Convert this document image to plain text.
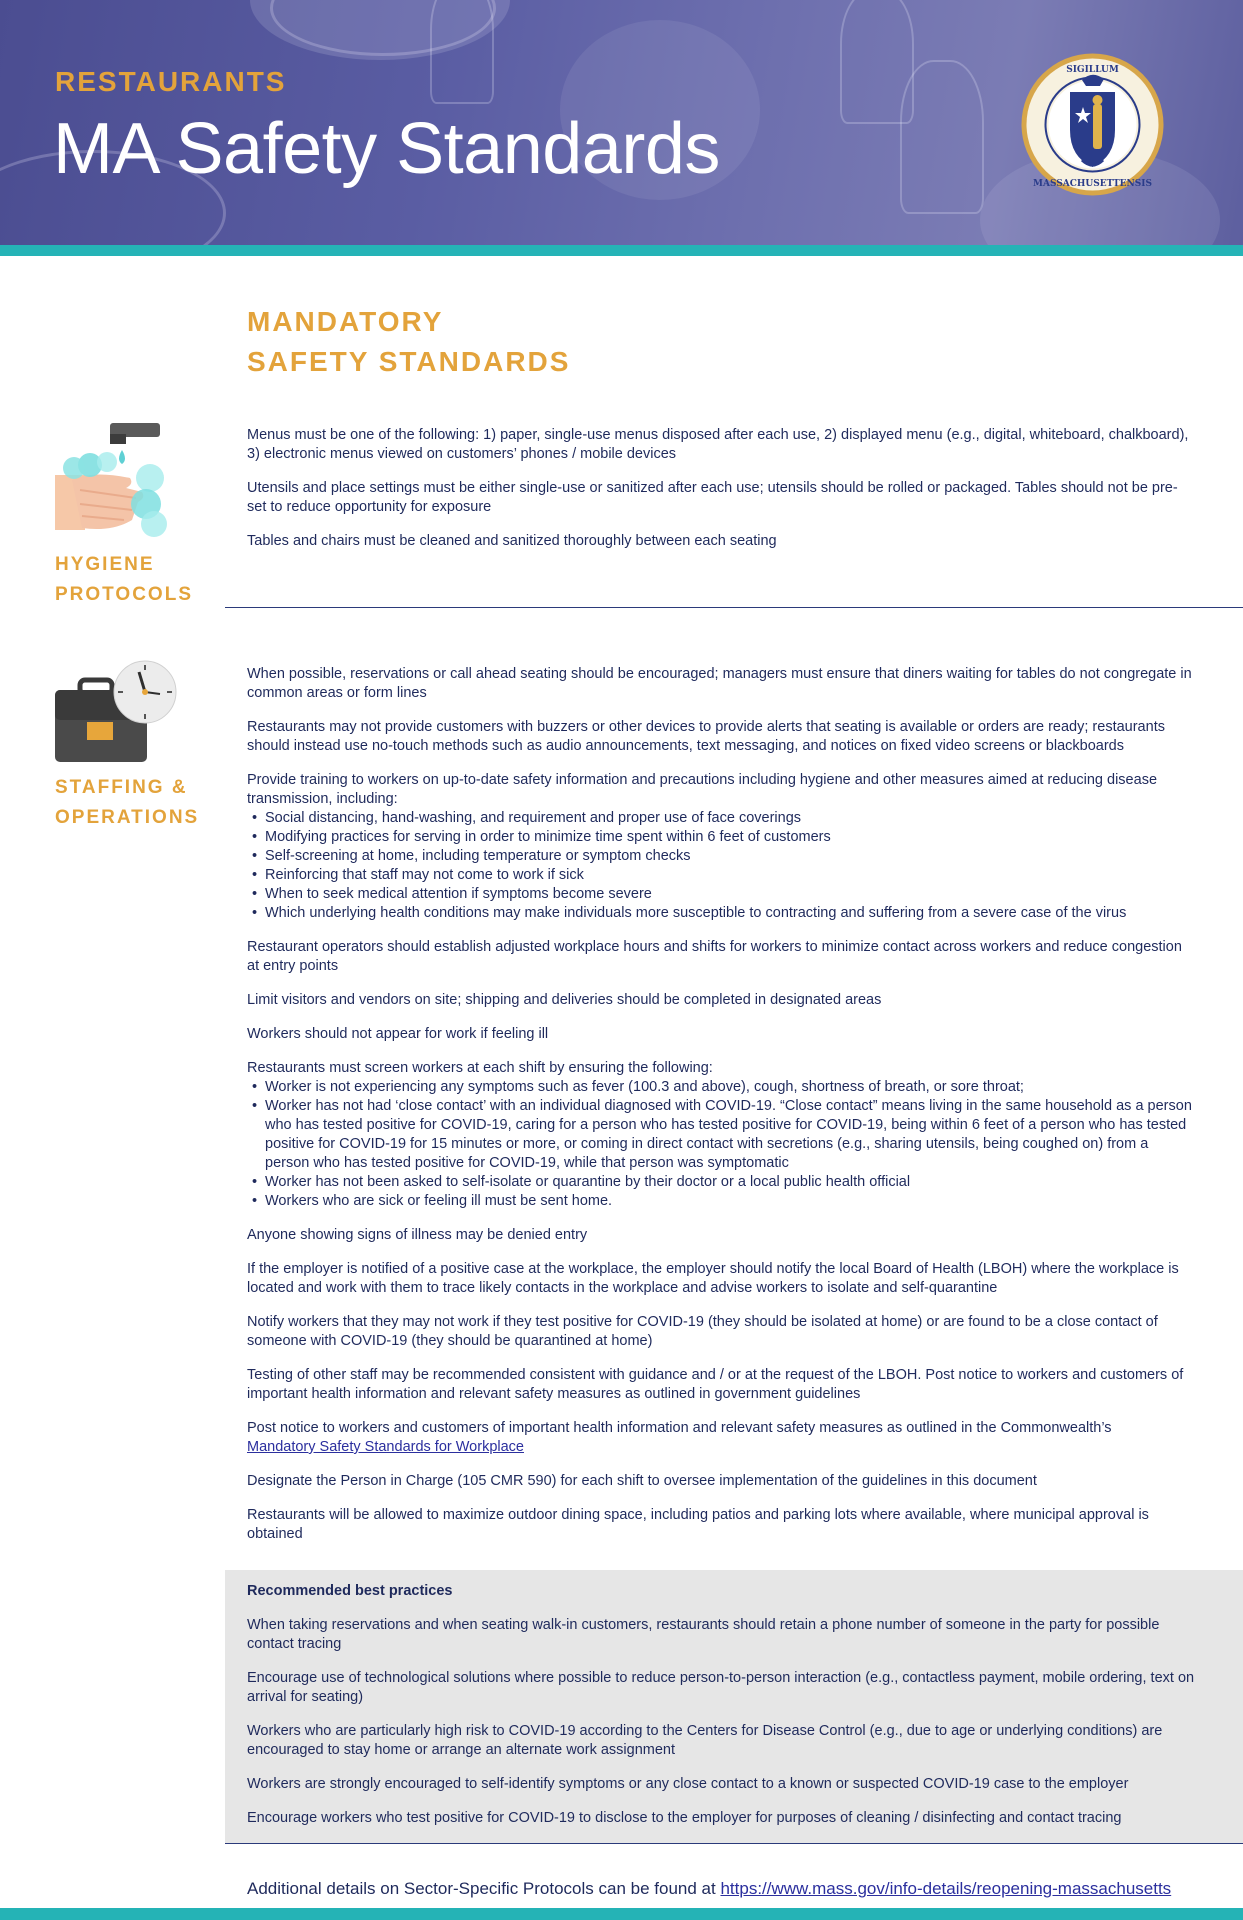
RESTAURANTS
MA Safety Standards
SIGILLUM
MASSACHUSETTENSIS
MANDATORY
SAFETY STANDARDS
HYGIENE
PROTOCOLS

Menus must be one of the following: 1) paper, single-use menus disposed after each use, 2) displayed menu (e.g., digital, whiteboard, chalkboard), 3) electronic menus viewed on customers’ phones / mobile devices

Utensils and place settings must be either single-use or sanitized after each use; utensils should be rolled or packaged. Tables should not be pre-set to reduce opportunity for exposure

Tables and chairs must be cleaned and sanitized thoroughly between each seating

STAFFING &
OPERATIONS

When possible, reservations or call ahead seating should be encouraged; managers must ensure that diners waiting for tables do not congregate in common areas or form lines

Restaurants may not provide customers with buzzers or other devices to provide alerts that seating is available or orders are ready; restaurants should instead use no-touch methods such as audio announcements, text messaging, and notices on fixed video screens or blackboards

Provide training to workers on up-to-date safety information and precautions including hygiene and other measures aimed at reducing disease transmission, including:

• Social distancing, hand-washing, and requirement and proper use of face coverings
• Modifying practices for serving in order to minimize time spent within 6 feet of customers
• Self-screening at home, including temperature or symptom checks
• Reinforcing that staff may not come to work if sick
• When to seek medical attention if symptoms become severe
• Which underlying health conditions may make individuals more susceptible to contracting and suffering from a severe case of the virus

Restaurant operators should establish adjusted workplace hours and shifts for workers to minimize contact across workers and reduce congestion at entry points

Limit visitors and vendors on site; shipping and deliveries should be completed in designated areas

Workers should not appear for work if feeling ill

Restaurants must screen workers at each shift by ensuring the following:

• Worker is not experiencing any symptoms such as fever (100.3 and above), cough, shortness of breath, or sore throat;
• Worker has not had ‘close contact’ with an individual diagnosed with COVID-19. “Close contact” means living in the same household as a person who has tested positive for COVID-19, caring for a person who has tested positive for COVID-19, being within 6 feet of a person who has tested positive for COVID-19 for 15 minutes or more, or coming in direct contact with secretions (e.g., sharing utensils, being coughed on) from a person who has tested positive for COVID-19, while that person was symptomatic
• Worker has not been asked to self-isolate or quarantine by their doctor or a local public health official
• Workers who are sick or feeling ill must be sent home.

Anyone showing signs of illness may be denied entry

If the employer is notified of a positive case at the workplace, the employer should notify the local Board of Health (LBOH) where the workplace is located and work with them to trace likely contacts in the workplace and advise workers to isolate and self-quarantine

Notify workers that they may not work if they test positive for COVID-19 (they should be isolated at home) or are found to be a close contact of someone with COVID-19 (they should be quarantined at home)

Testing of other staff may be recommended consistent with guidance and / or at the request of the LBOH. Post notice to workers and customers of important health information and relevant safety measures as outlined in government guidelines

Post notice to workers and customers of important health information and relevant safety measures as outlined in the Commonwealth’s
Mandatory Safety Standards for Workplace

Designate the Person in Charge (105 CMR 590) for each shift to oversee implementation of the guidelines in this document

Restaurants will be allowed to maximize outdoor dining space, including patios and parking lots where available, where municipal approval is obtained

Recommended best practices

When taking reservations and when seating walk-in customers, restaurants should retain a phone number of someone in the party for possible contact tracing

Encourage use of technological solutions where possible to reduce person-to-person interaction (e.g., contactless payment, mobile ordering, text on arrival for seating)

Workers who are particularly high risk to COVID-19 according to the Centers for Disease Control (e.g., due to age or underlying conditions) are encouraged to stay home or arrange an alternate work assignment

Workers are strongly encouraged to self-identify symptoms or any close contact to a known or suspected COVID-19 case to the employer

Encourage workers who test positive for COVID-19 to disclose to the employer for purposes of cleaning / disinfecting and contact tracing

Additional details on Sector-Specific Protocols can be found at https://www.mass.gov/info-details/reopening-massachusetts
